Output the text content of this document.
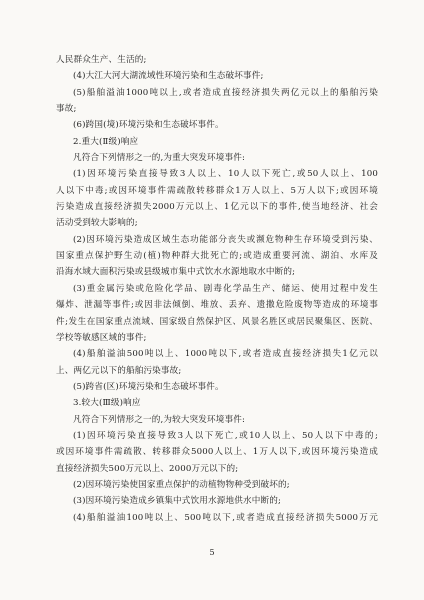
人民群众生产、生活的;
(4)大江大河大湖流域性环境污染和生态破坏事件;
(5)船舶溢油1000吨以上,或者造成直接经济损失两亿元以上的船舶污染
事故;
(6)跨国(境)环境污染和生态破坏事件。
2.重大(Ⅱ级)响应
凡符合下列情形之一的,为重大突发环境事件:
(1)因环境污染直接导致3人以上、10人以下死亡,或50人以上、100
人以下中毒;或因环境事件需疏散转移群众1万人以上、5万人以下;或因环境
污染造成直接经济损失2000万元以上、1亿元以下的事件,使当地经济、社会
活动受到较大影响的;
(2)因环境污染造成区域生态功能部分丧失或濒危物种生存环境受到污染、
国家重点保护野生动(植)物种群大批死亡的;或造成重要河流、湖泊、水库及
沿海水域大面积污染或县级城市集中式饮水水源地取水中断的;
(3)重金属污染或危险化学品、剧毒化学品生产、储运、使用过程中发生
爆炸、泄漏等事件;或因非法倾倒、堆放、丢弃、遗撒危险废物等造成的环境事
件;发生在国家重点流域、国家级自然保护区、风景名胜区或居民聚集区、医院、
学校等敏感区域的事件;
(4)船舶溢油500吨以上、1000吨以下,或者造成直接经济损失1亿元以
上、两亿元以下的船舶污染事故;
(5)跨省(区)环境污染和生态破坏事件。
3.较大(Ⅲ级)响应
凡符合下列情形之一的,为较大突发环境事件:
(1)因环境污染直接导致3人以下死亡,或10人以上、50人以下中毒的;
或因环境事件需疏散、转移群众5000人以上、1万人以下,或因环境污染造成
直接经济损失500万元以上、2000万元以下的;
(2)因环境污染使国家重点保护的动植物物种受到破坏的;
(3)因环境污染造成乡镇集中式饮用水源地供水中断的;
(4)船舶溢油100吨以上、500吨以下,或者造成直接经济损失5000万元
5
